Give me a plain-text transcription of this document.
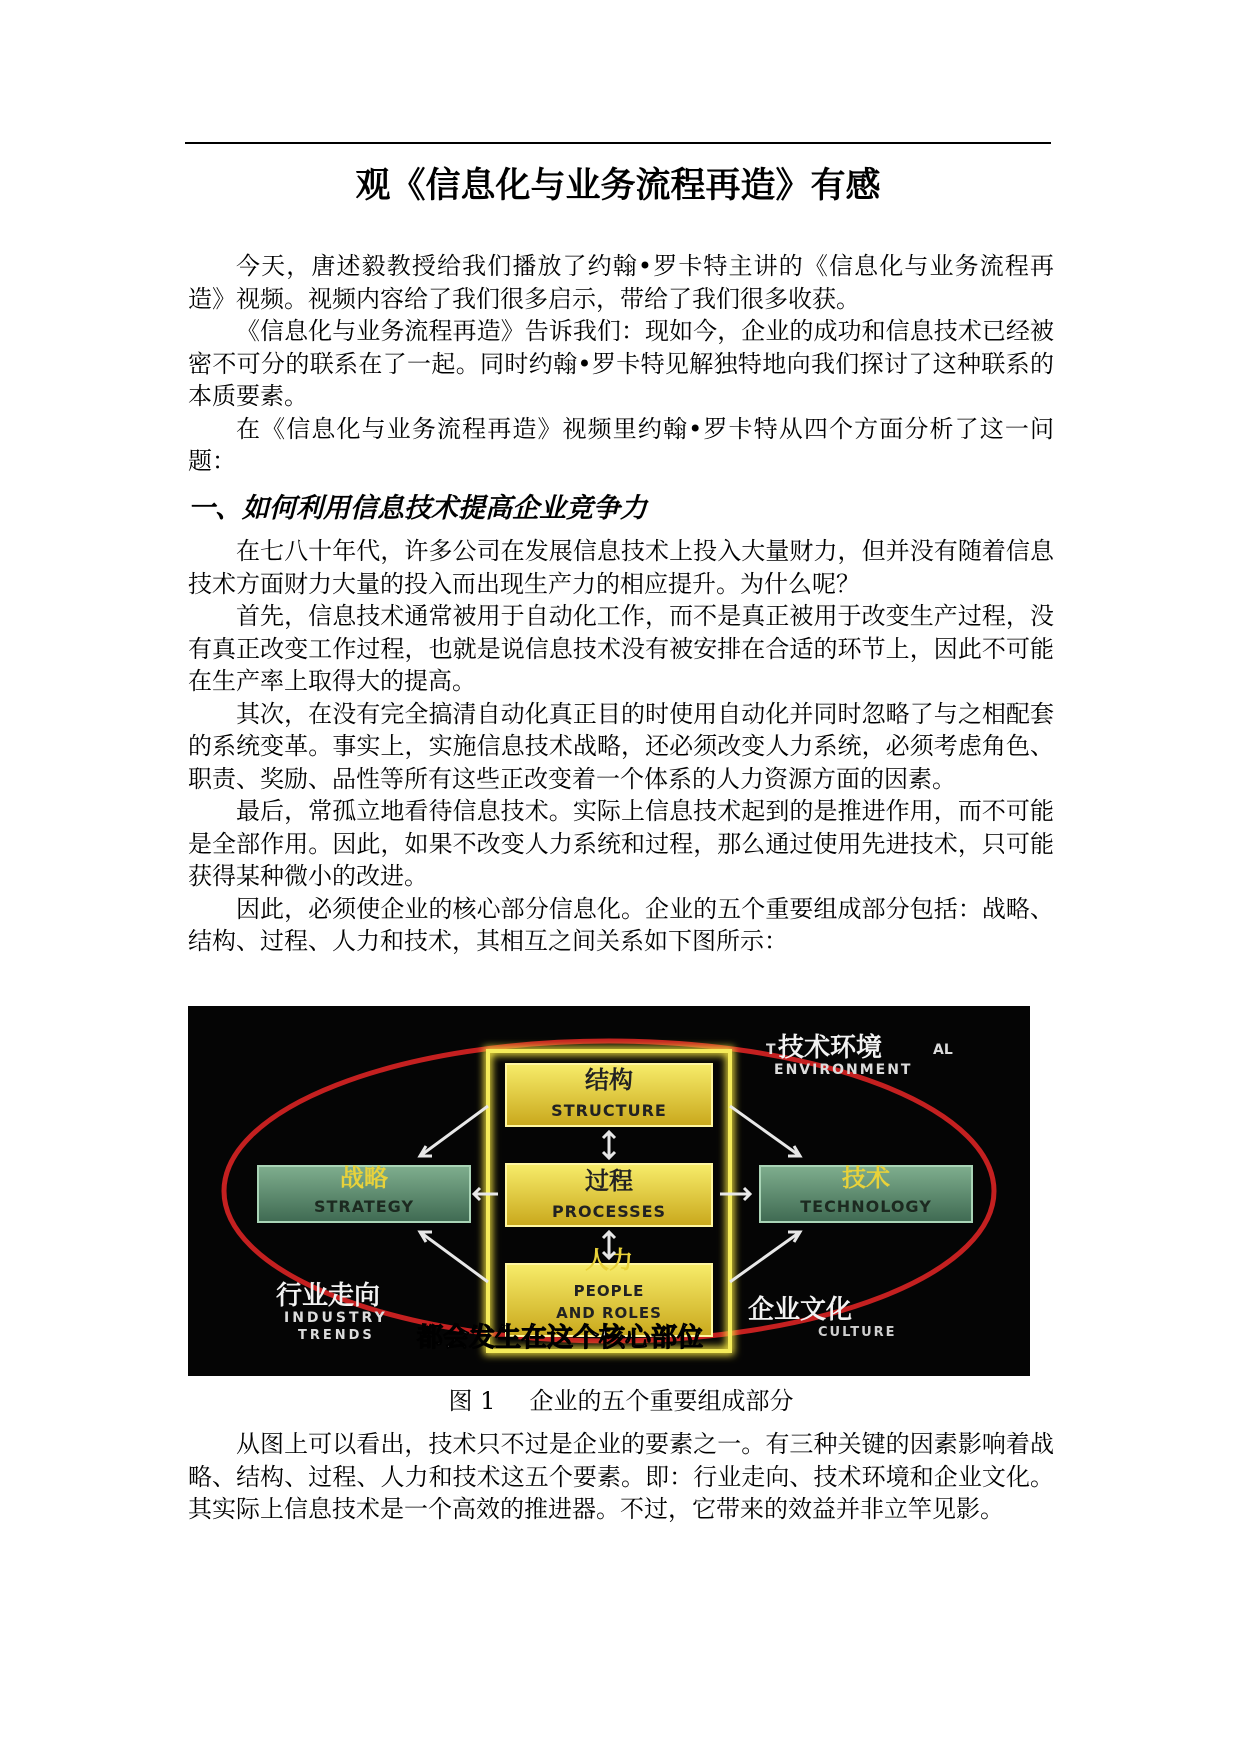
观《信息化与业务流程再造》有感

今天，唐述毅教授给我们播放了约翰•罗卡特主讲的《信息化与业务流程再造》视频。视频内容给了我们很多启示，带给了我们很多收获。

《信息化与业务流程再造》告诉我们：现如今，企业的成功和信息技术已经被密不可分的联系在了一起。同时约翰•罗卡特见解独特地向我们探讨了这种联系的本质要素。

在《信息化与业务流程再造》视频里约翰•罗卡特从四个方面分析了这一问题：

一、如何利用信息技术提高企业竞争力

在七八十年代，许多公司在发展信息技术上投入大量财力，但并没有随着信息技术方面财力大量的投入而出现生产力的相应提升。为什么呢？

首先，信息技术通常被用于自动化工作，而不是真正被用于改变生产过程，没有真正改变工作过程，也就是说信息技术没有被安排在合适的环节上，因此不可能在生产率上取得大的提高。

其次，在没有完全搞清自动化真正目的时使用自动化并同时忽略了与之相配套的系统变革。事实上，实施信息技术战略，还必须改变人力系统，必须考虑角色、职责、奖励、品性等所有这些正改变着一个体系的人力资源方面的因素。

最后，常孤立地看待信息技术。实际上信息技术起到的是推进作用，而不可能是全部作用。因此，如果不改变人力系统和过程，那么通过使用先进技术，只可能获得某种微小的改进。

因此，必须使企业的核心部分信息化。企业的五个重要组成部分包括：战略、结构、过程、人力和技术，其相互之间关系如下图所示：

结构
STRUCTURE
过程
PROCESSES
人力
PEOPLE
AND ROLES
战略
STRATEGY
技术
TECHNOLOGY
T 技术环境	AL
ENVIRONMENT
行业走向
INDUSTRY
TRENDS
企业文化
CULTURE
都会发生在这个核心部位

图 1 企业的五个重要组成部分

从图上可以看出，技术只不过是企业的要素之一。有三种关键的因素影响着战略、结构、过程、人力和技术这五个要素。即：行业走向、技术环境和企业文化。其实际上信息技术是一个高效的推进器。不过，它带来的效益并非立竿见影。
